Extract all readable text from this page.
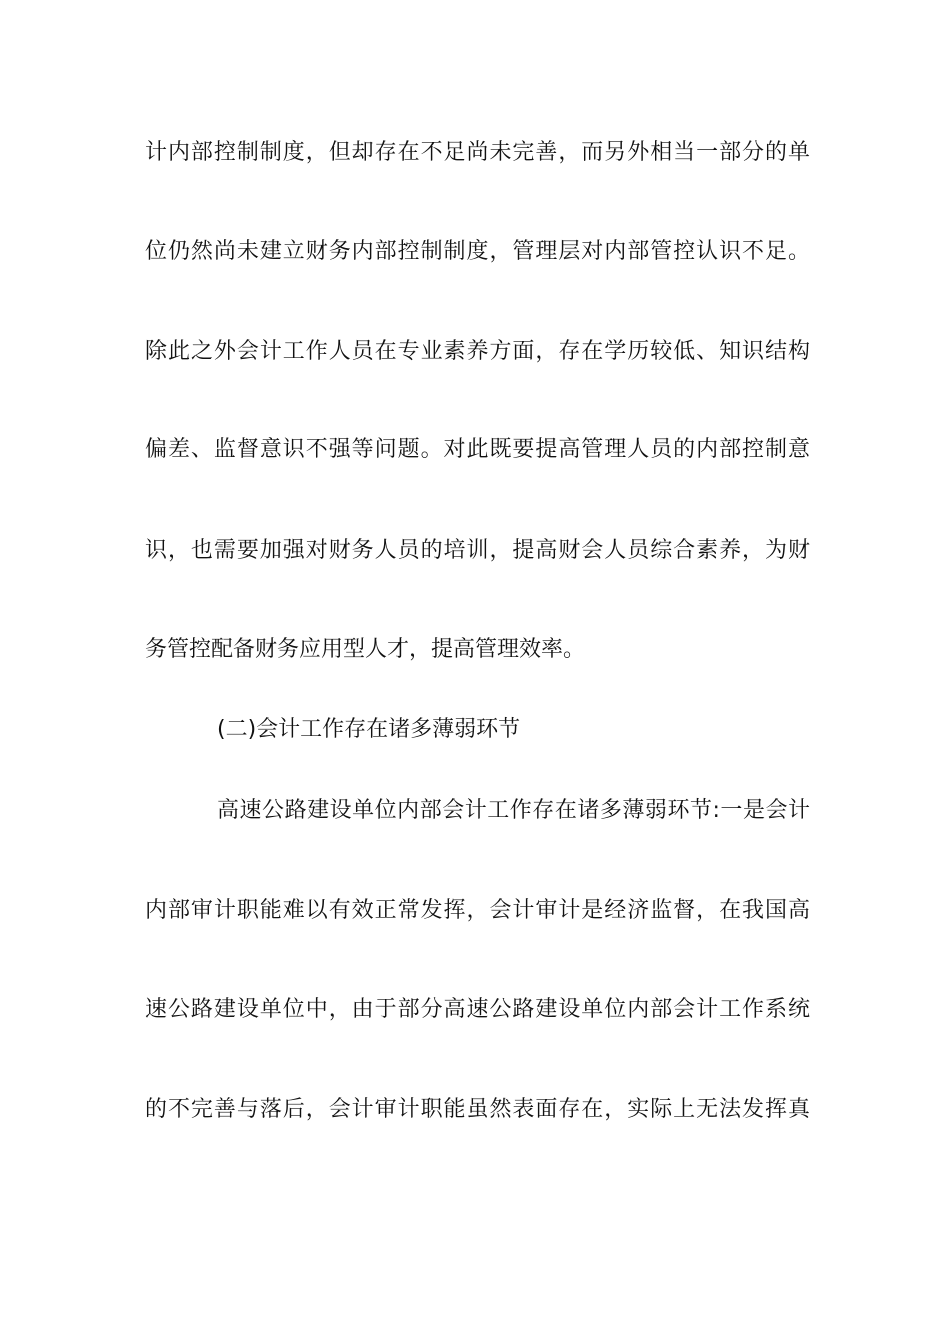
计内部控制制度，但却存在不足尚未完善，而另外相当一部分的单
位仍然尚未建立财务内部控制制度，管理层对内部管控认识不足。
除此之外会计工作人员在专业素养方面，存在学历较低、知识结构
偏差、监督意识不强等问题。对此既要提高管理人员的内部控制意
识，也需要加强对财务人员的培训，提高财会人员综合素养，为财
务管控配备财务应用型人才，提高管理效率。
(二)会计工作存在诸多薄弱环节
高速公路建设单位内部会计工作存在诸多薄弱环节:一是会计
内部审计职能难以有效正常发挥，会计审计是经济监督，在我国高
速公路建设单位中，由于部分高速公路建设单位内部会计工作系统
的不完善与落后，会计审计职能虽然表面存在，实际上无法发挥真
